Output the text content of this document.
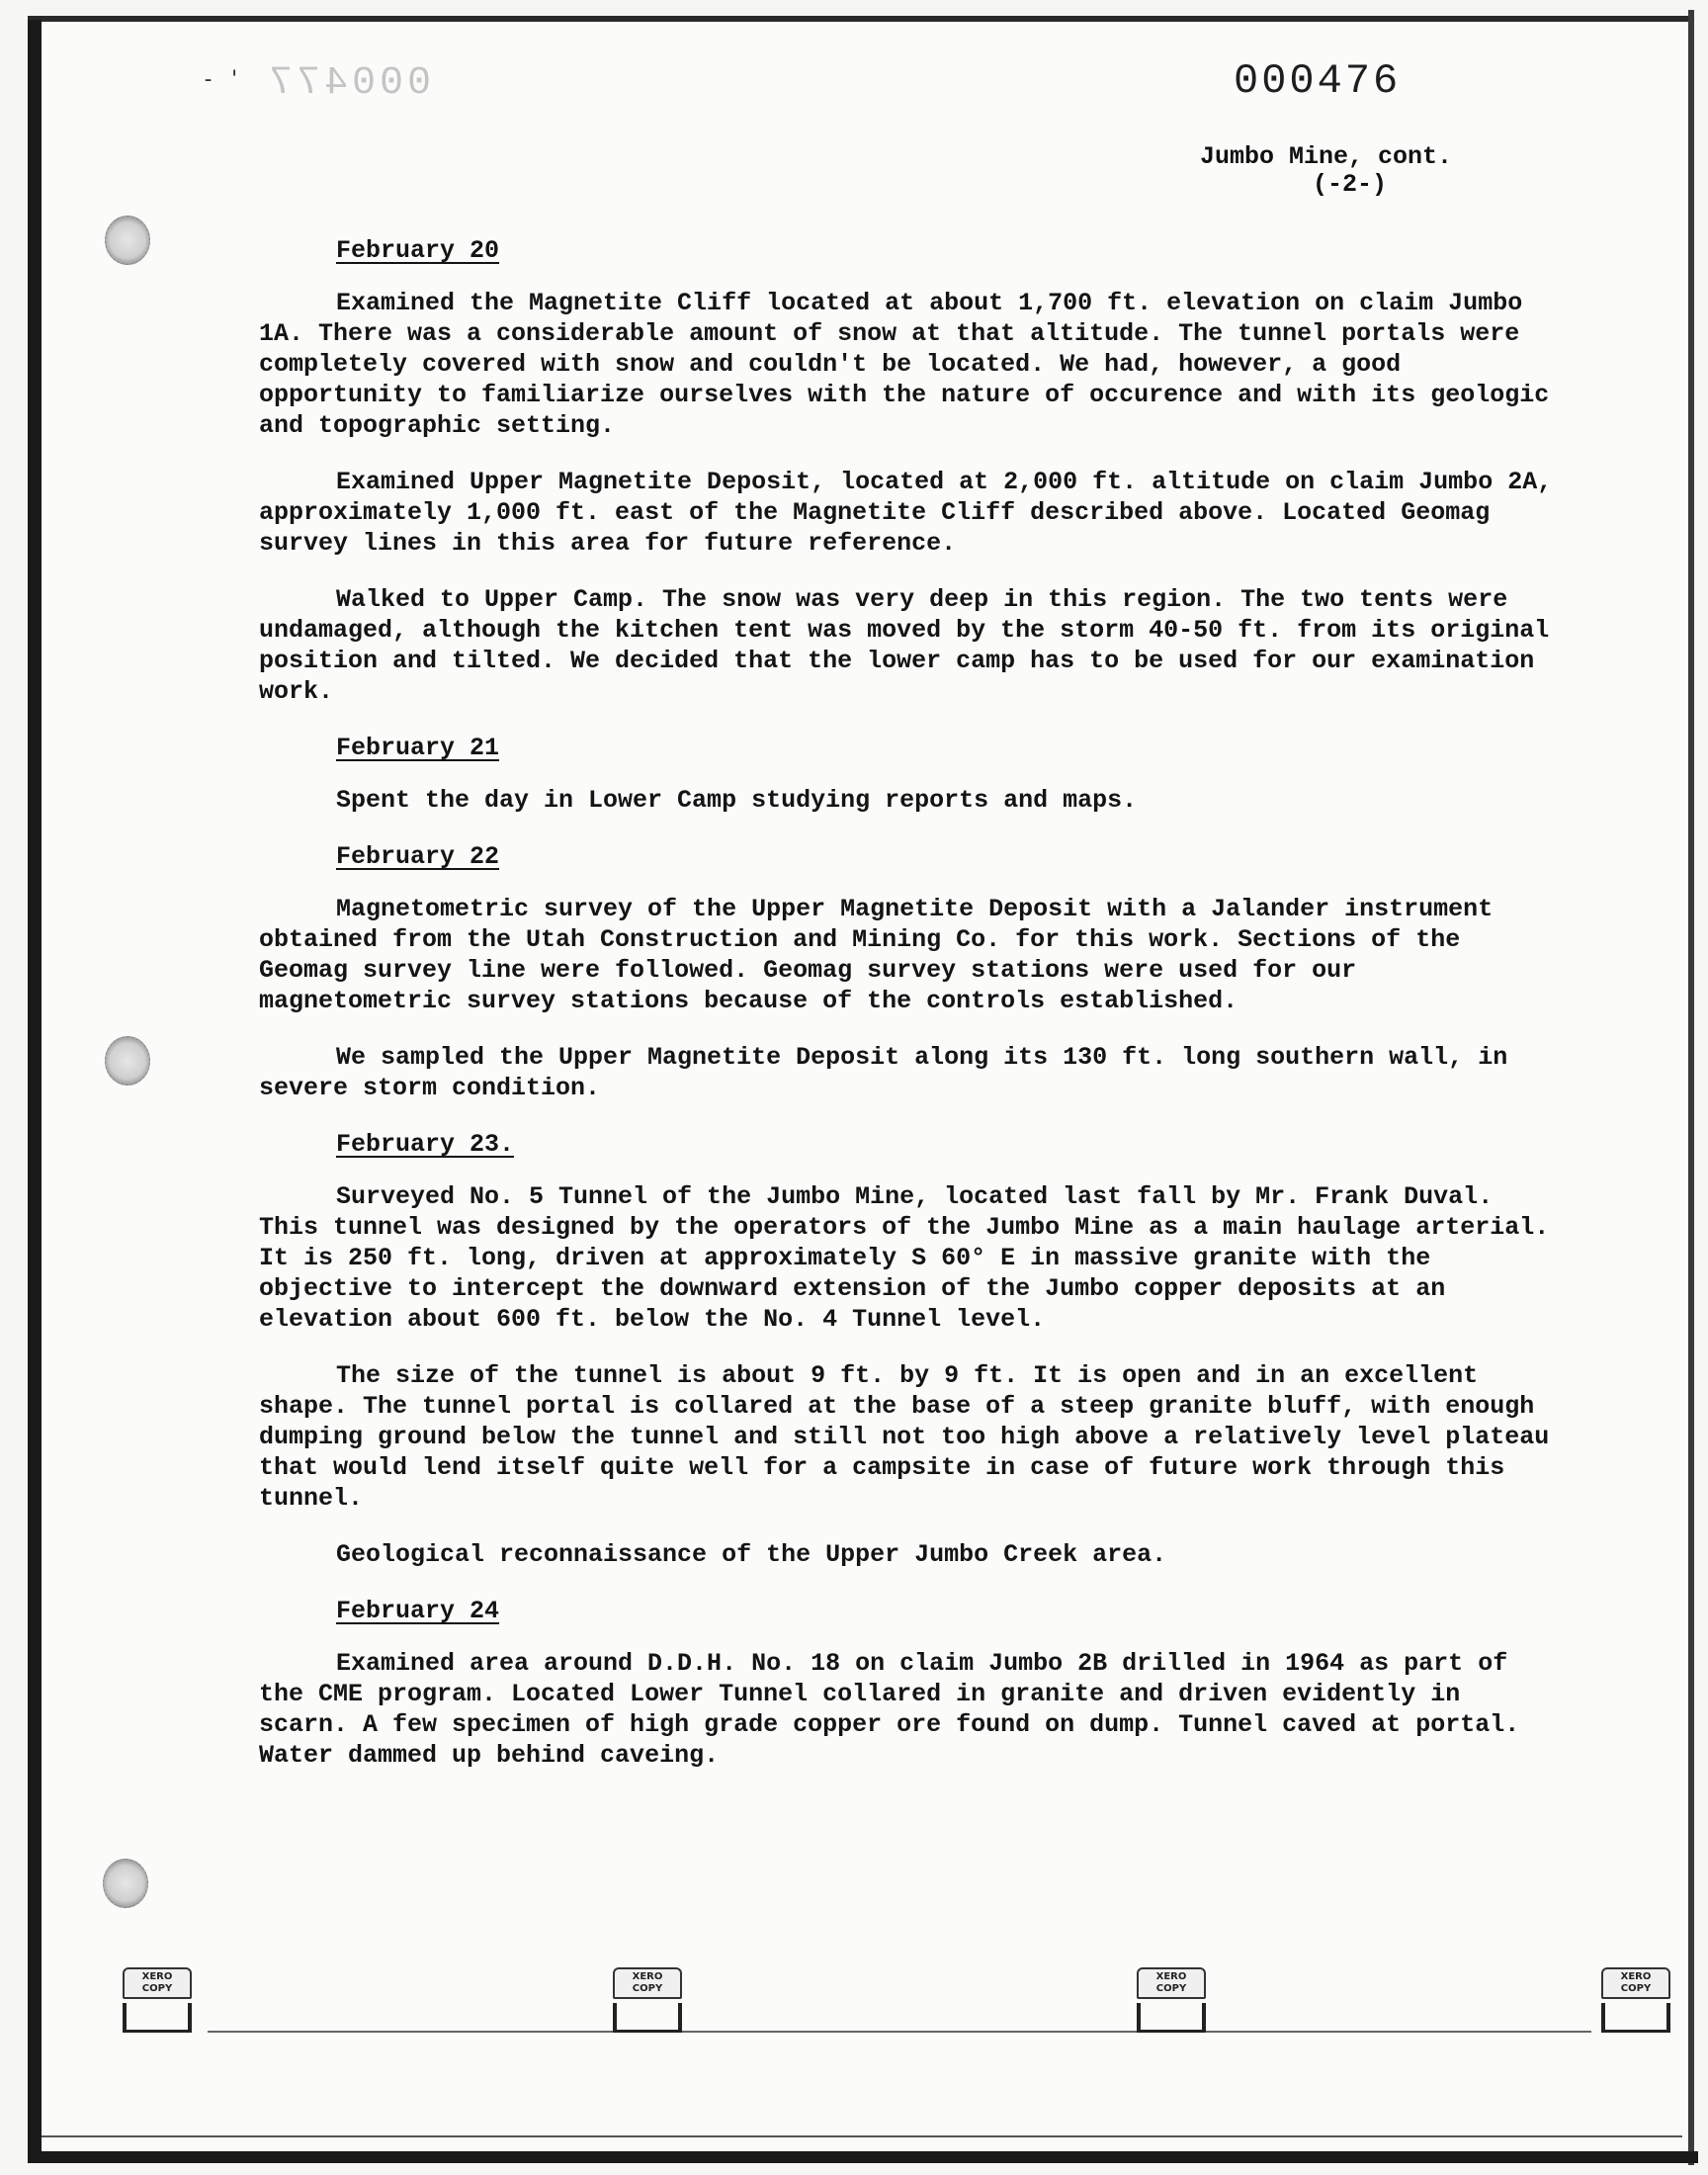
- ' 000477	000476
Jumbo Mine, cont.
(-2-)
February 20

Examined the Magnetite Cliff located at about 1,700 ft. elevation on claim Jumbo 1A. There was a considerable amount of snow at that altitude. The tunnel portals were completely covered with snow and couldn't be located. We had, however, a good opportunity to familiarize ourselves with the nature of occurence and with its geologic and topographic setting.

Examined Upper Magnetite Deposit, located at 2,000 ft. altitude on claim Jumbo 2A, approximately 1,000 ft. east of the Magnetite Cliff described above. Located Geomag survey lines in this area for future reference.

Walked to Upper Camp. The snow was very deep in this region. The two tents were undamaged, although the kitchen tent was moved by the storm 40-50 ft. from its original position and tilted. We decided that the lower camp has to be used for our examination work.

February 21

Spent the day in Lower Camp studying reports and maps.

February 22

Magnetometric survey of the Upper Magnetite Deposit with a Jalander instrument obtained from the Utah Construction and Mining Co. for this work. Sections of the Geomag survey line were followed. Geomag survey stations were used for our magnetometric survey stations because of the controls established.

We sampled the Upper Magnetite Deposit along its 130 ft. long southern wall, in severe storm condition.

February 23.

Surveyed No. 5 Tunnel of the Jumbo Mine, located last fall by Mr. Frank Duval. This tunnel was designed by the operators of the Jumbo Mine as a main haulage arterial. It is 250 ft. long, driven at approximately S 60° E in massive granite with the objective to intercept the downward extension of the Jumbo copper deposits at an elevation about 600 ft. below the No. 4 Tunnel level.

The size of the tunnel is about 9 ft. by 9 ft. It is open and in an excellent shape. The tunnel portal is collared at the base of a steep granite bluff, with enough dumping ground below the tunnel and still not too high above a relatively level plateau that would lend itself quite well for a campsite in case of future work through this tunnel.

Geological reconnaissance of the Upper Jumbo Creek area.

February 24

Examined area around D.D.H. No. 18 on claim Jumbo 2B drilled in 1964 as part of the CME program. Located Lower Tunnel collared in granite and driven evidently in scarn. A few specimen of high grade copper ore found on dump. Tunnel caved at portal. Water dammed up behind caveing.

XERO COPY
XERO COPY
XERO COPY
XERO COPY
